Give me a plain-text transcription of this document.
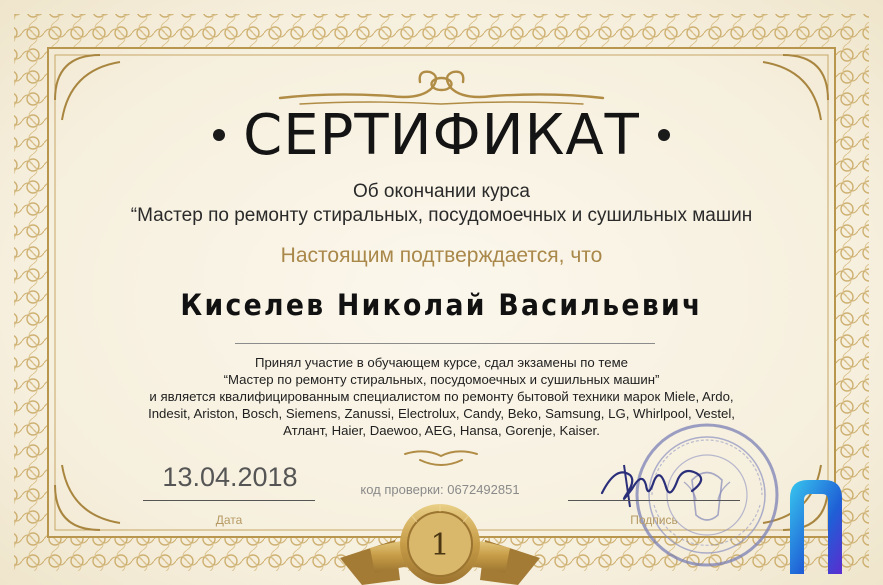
СЕРТИФИКАТ
Об окончании курса
“Мастер по ремонту стиральных, посудомоечных и сушильных машин
Настоящим подтверждается, что
Киселев Николай Васильевич
Принял участие в обучающем курсе, сдал экзамены по теме
“Мастер по ремонту стиральных, посудомоечных и сушильных машин”
и является квалифицированным специалистом по ремонту бытовой техники марок Miele, Ardo,
Indesit, Ariston, Bosch, Siemens, Zanussi, Electrolux, Candy, Beko, Samsung, LG, Whirlpool, Vestel,
Атлант, Haier, Daewoo, AEG, Hansa, Gorenje, Kaiser.
13.04.2018
Дата
код проверки: 0672492851
Подпись
1
